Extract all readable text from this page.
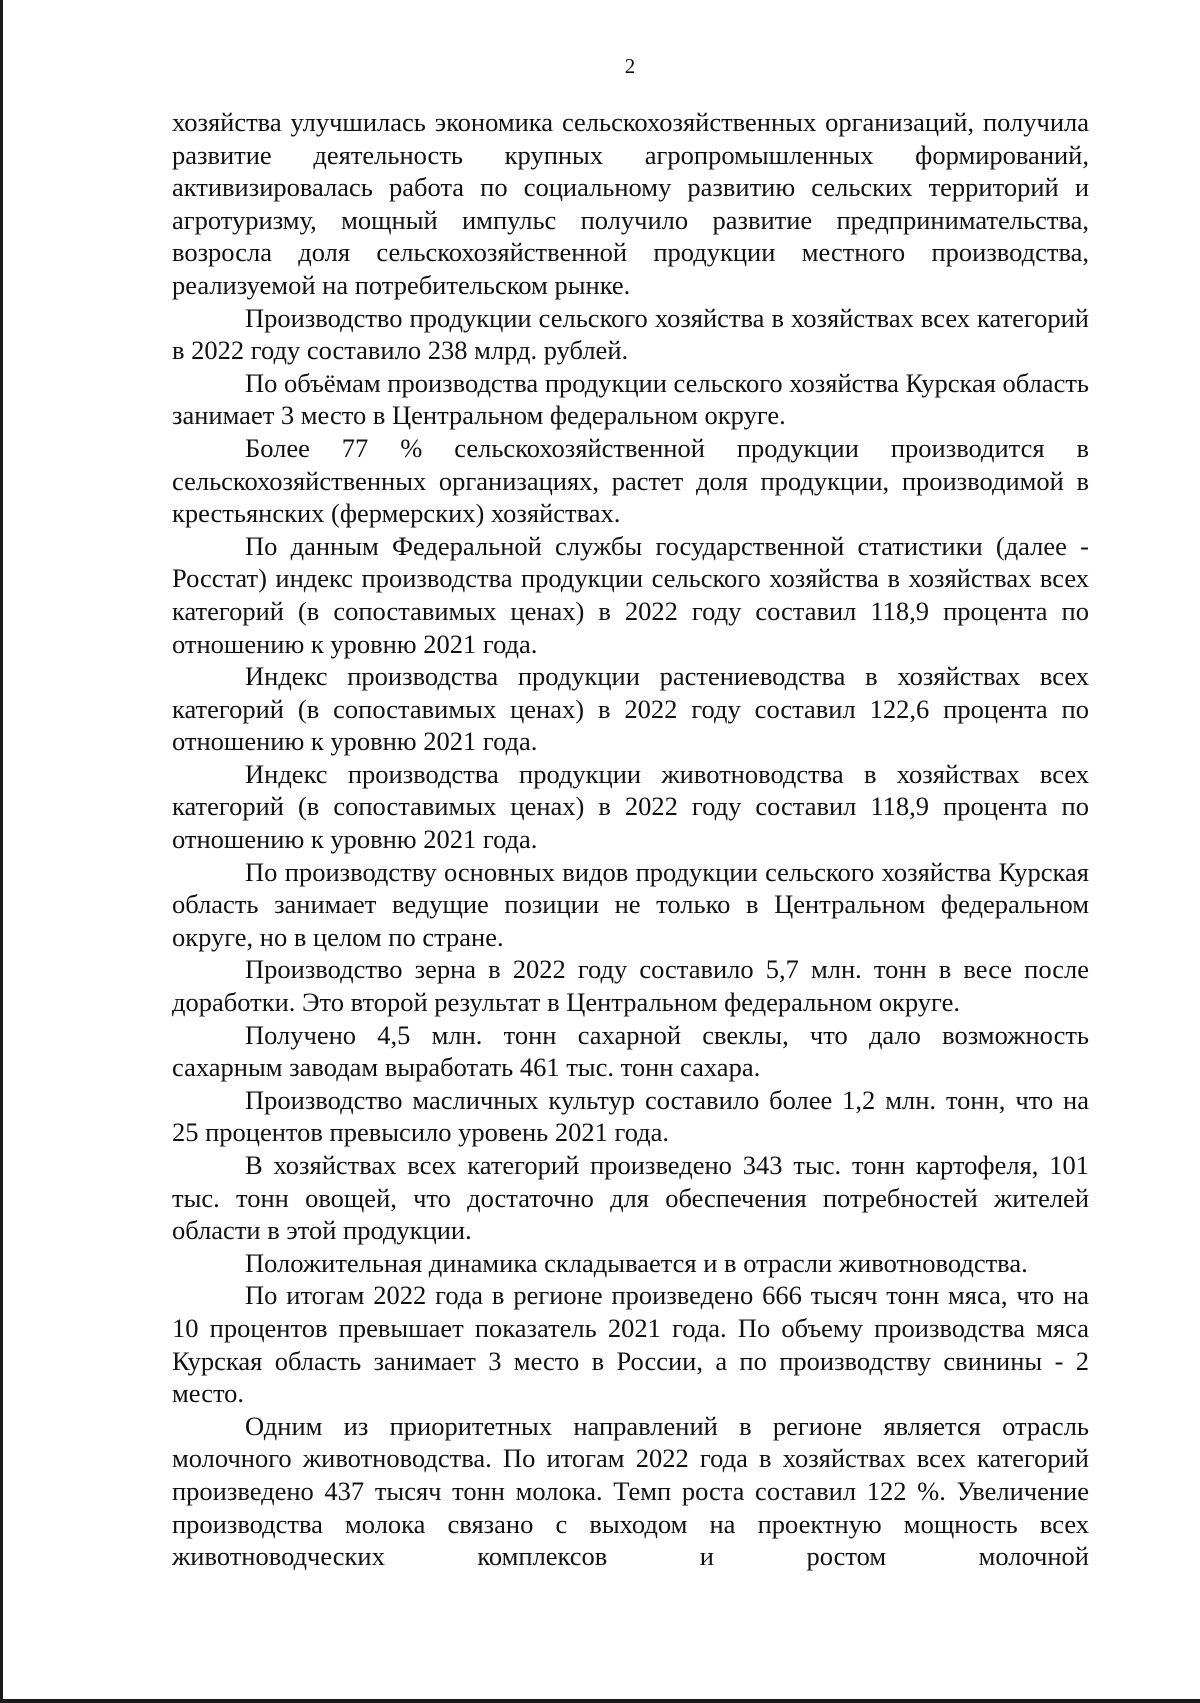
2

хозяйства улучшилась экономика сельскохозяйственных организаций, получила развитие деятельность крупных агропромышленных формирований, активизировалась работа по социальному развитию сельских территорий и агротуризму, мощный импульс получило развитие предпринимательства, возросла доля сельскохозяйственной продукции местного производства, реализуемой на потребительском рынке.

Производство продукции сельского хозяйства в хозяйствах всех категорий в 2022 году составило 238 млрд. рублей.

По объёмам производства продукции сельского хозяйства Курская область занимает 3 место в Центральном федеральном округе.

Более 77 % сельскохозяйственной продукции производится в сельскохозяйственных организациях, растет доля продукции, производимой в крестьянских (фермерских) хозяйствах.

По данным Федеральной службы государственной статистики (далее - Росстат) индекс производства продукции сельского хозяйства в хозяйствах всех категорий (в сопоставимых ценах) в 2022 году составил 118,9 процента по отношению к уровню 2021 года.

Индекс производства продукции растениеводства в хозяйствах всех категорий (в сопоставимых ценах) в 2022 году составил 122,6 процента по отношению к уровню 2021 года.

Индекс производства продукции животноводства в хозяйствах всех категорий (в сопоставимых ценах) в 2022 году составил 118,9 процента по отношению к уровню 2021 года.

По производству основных видов продукции сельского хозяйства Курская область занимает ведущие позиции не только в Центральном федеральном округе, но в целом по стране.

Производство зерна в 2022 году составило 5,7 млн. тонн в весе после доработки. Это второй результат в Центральном федеральном округе.

Получено 4,5 млн. тонн сахарной свеклы, что дало возможность сахарным заводам выработать 461 тыс. тонн сахара.

Производство масличных культур составило более 1,2 млн. тонн, что на 25 процентов превысило уровень 2021 года.

В хозяйствах всех категорий произведено 343 тыс. тонн картофеля, 101 тыс. тонн овощей, что достаточно для обеспечения потребностей жителей области в этой продукции.

Положительная динамика складывается и в отрасли животноводства.

По итогам 2022 года в регионе произведено 666 тысяч тонн мяса, что на 10 процентов превышает показатель 2021 года. По объему производства мяса Курская область занимает 3 место в России, а по производству свинины - 2 место.

Одним из приоритетных направлений в регионе является отрасль молочного животноводства. По итогам 2022 года в хозяйствах всех категорий произведено 437 тысяч тонн молока. Темп роста составил 122 %. Увеличение производства молока связано с выходом на проектную мощность всех животноводческих комплексов и ростом молочной
